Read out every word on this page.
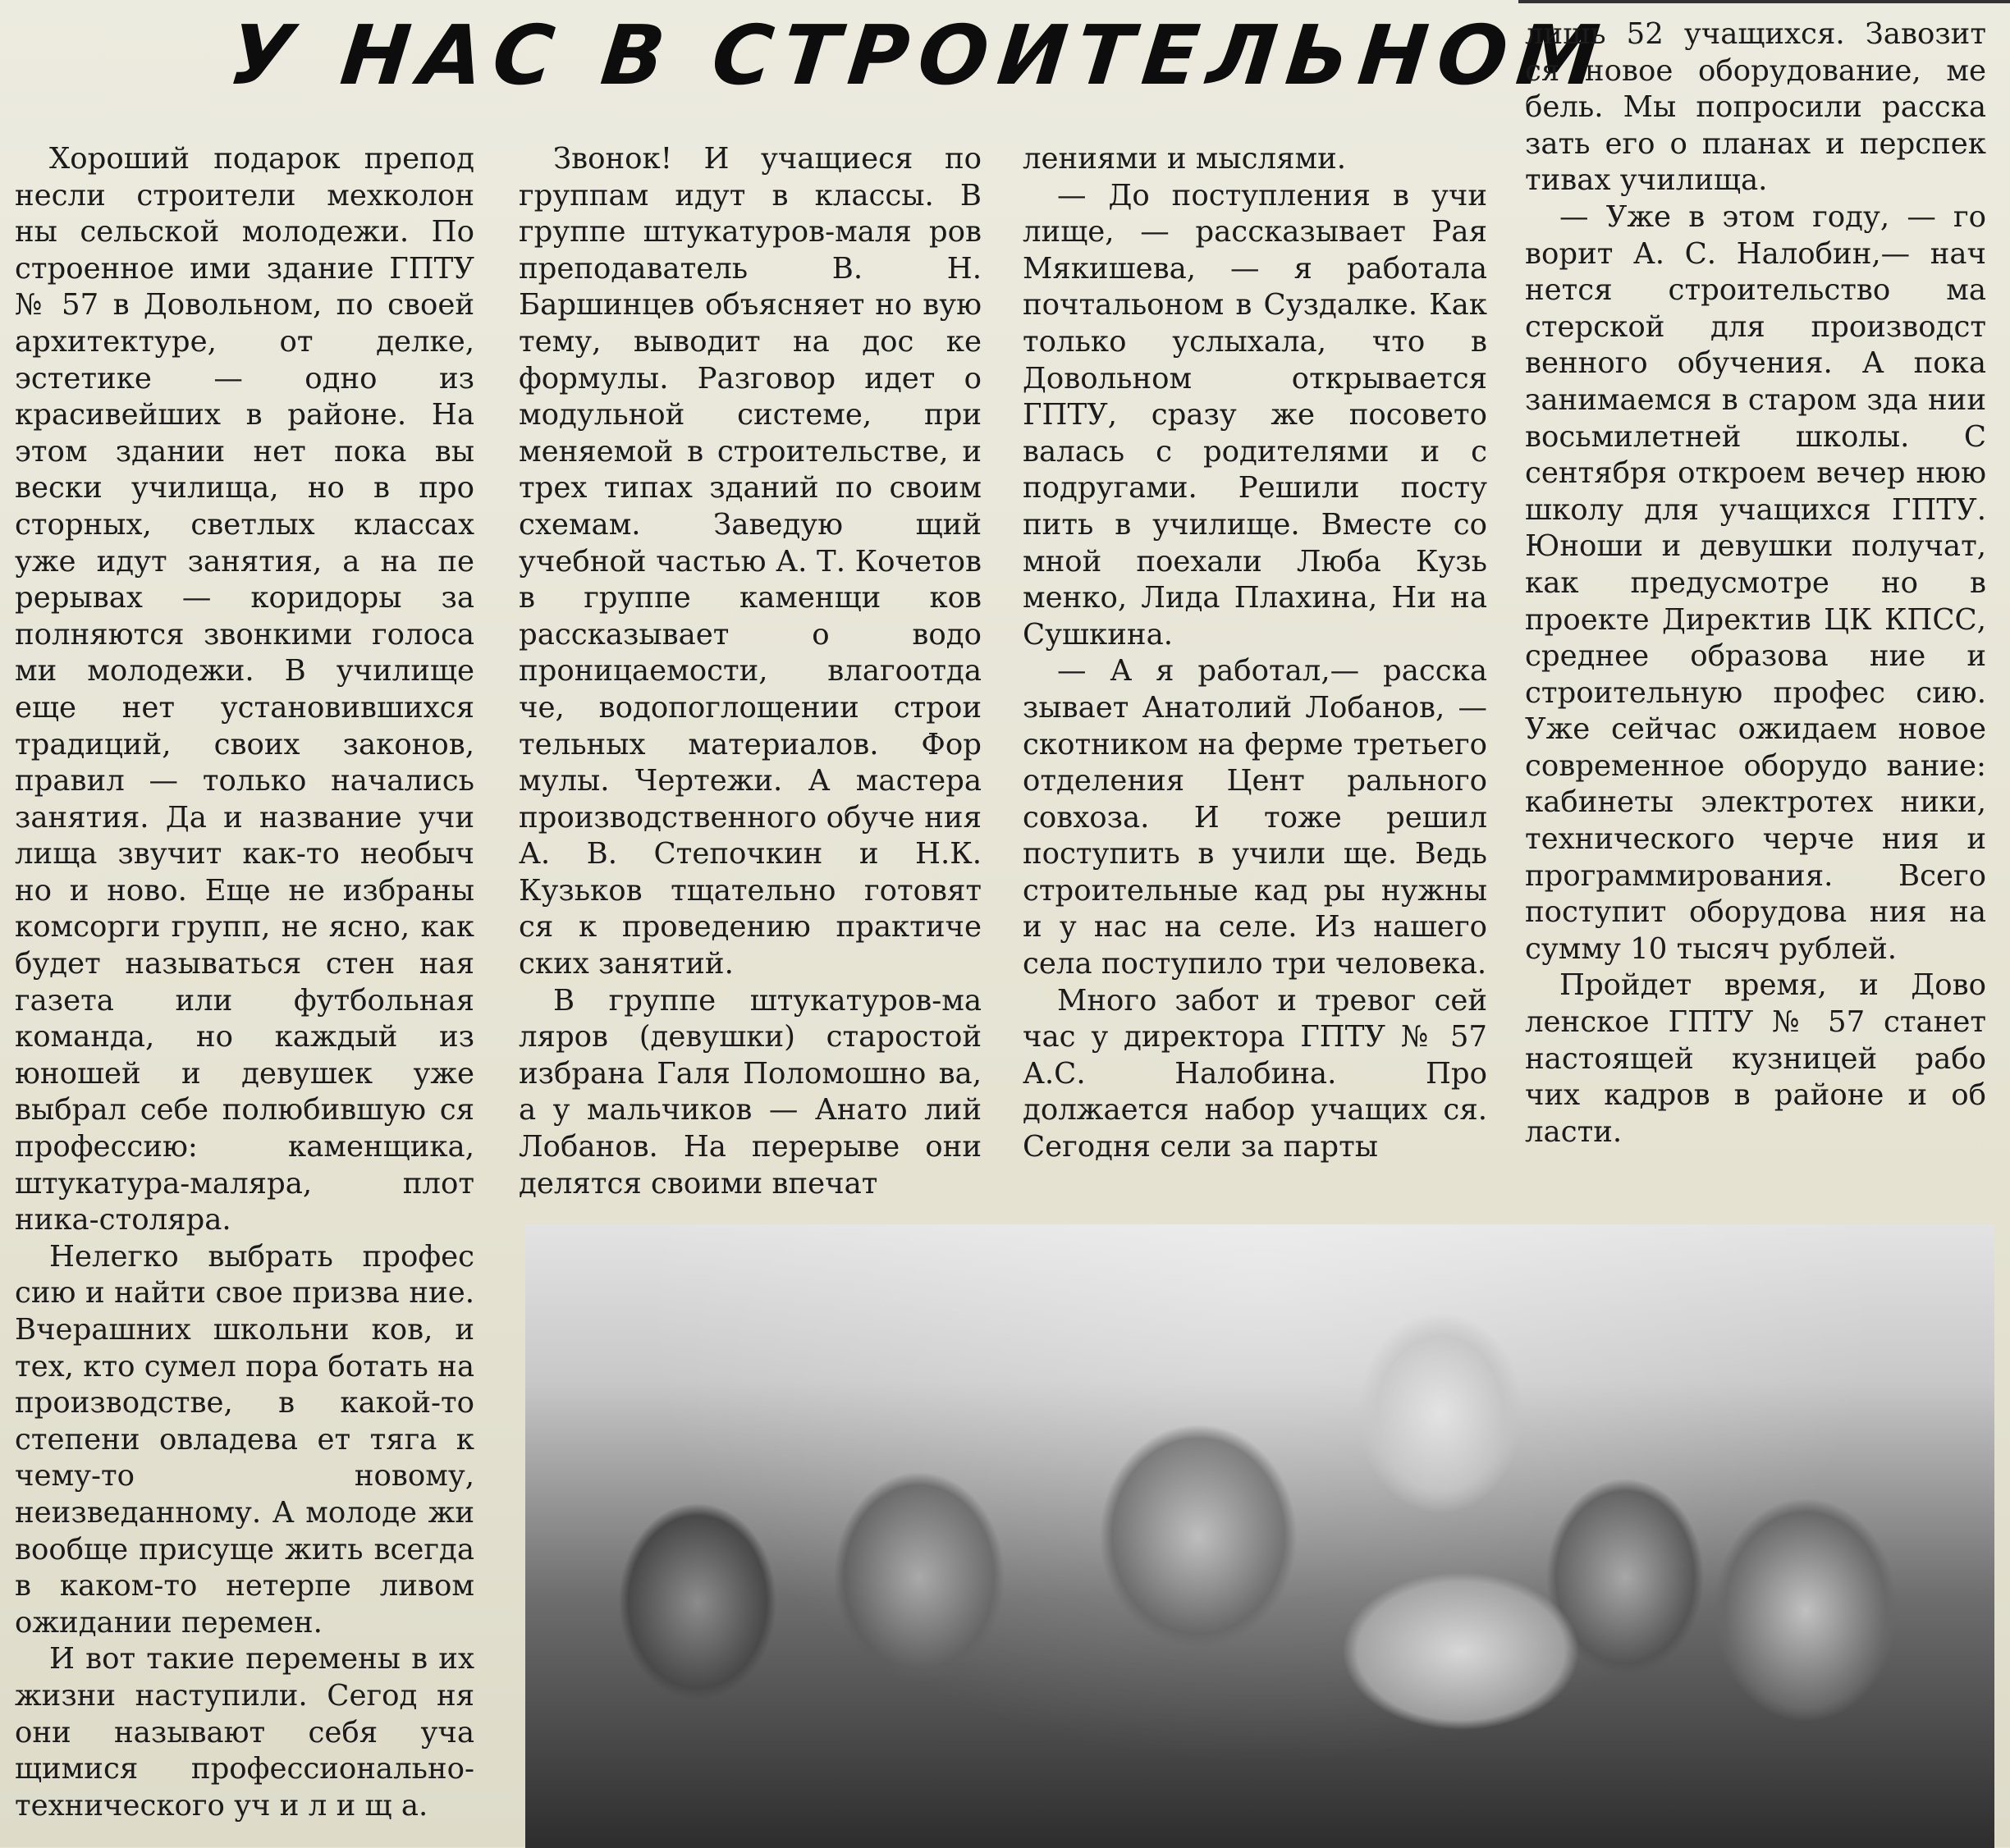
У НАС В СТРОИТЕЛЬНОМ

Хороший подарок препод несли строители мехколон ны сельской молодежи. По строенное ими здание ГПТУ № 57 в Довольном, по своей архитектуре, от делке, эстетике — одно из красивейших в районе. На этом здании нет пока вы вески училища, но в про сторных, светлых классах уже идут занятия, а на пе рерывах — коридоры за полняются звонкими голоса ми молодежи. В училище еще нет установившихся традиций, своих законов, правил — только начались занятия. Да и название учи лища звучит как-то необыч но и ново. Еще не избраны комсорги групп, не ясно, как будет называться стен ная газета или футбольная команда, но каждый из юношей и девушек уже выбрал себе полюбившую ся профессию: каменщика, штукатура-маляра, плот ника-столяра.

Нелегко выбрать профес сию и найти свое призва ние. Вчерашних школьни ков, и тех, кто сумел пора ботать на производстве, в какой-то степени овладева ет тяга к чему-то новому, неизведанному. А молоде жи вообще присуще жить всегда в каком-то нетерпе ливом ожидании перемен.

И вот такие перемены в их жизни наступили. Сегод ня они называют себя уча щимися профессионально-технического уч и л и щ а.

Звонок! И учащиеся по группам идут в классы. В группе штукатуров-маля ров преподаватель В. Н. Баршинцев объясняет но вую тему, выводит на дос ке формулы. Разговор идет о модульной системе, при меняемой в строительстве, и трех типах зданий по своим схемам. Заведую щий учебной частью А. Т. Кочетов в группе каменщи ков рассказывает о водо проницаемости, влагоотда че, водопоглощении строи тельных материалов. Фор мулы. Чертежи. А мастера производственного обуче ния А. В. Степочкин и Н.К. Кузьков тщательно готовят ся к проведению практиче ских занятий.

В группе штукатуров-ма ляров (девушки) старостой избрана Галя Поломошно ва, а у мальчиков — Анато лий Лобанов. На перерыве они делятся своими впечат

лениями и мыслями.

— До поступления в учи лище, — рассказывает Рая Мякишева, — я работала почтальоном в Суздалке. Как только услыхала, что в Довольном открывается ГПТУ, сразу же посовето валась с родителями и с подругами. Решили посту пить в училище. Вместе со мной поехали Люба Кузь менко, Лида Плахина, Ни на Сушкина.

— А я работал,— расска зывает Анатолий Лобанов, — скотником на ферме третьего отделения Цент рального совхоза. И тоже решил поступить в учили ще. Ведь строительные кад ры нужны и у нас на селе. Из нашего села поступило три человека.

Много забот и тревог сей час у директора ГПТУ № 57 А.С. Налобина. Про должается набор учащих ся. Сегодня сели за парты

лишь 52 учащихся. Завозит ся новое оборудование, ме бель. Мы попросили расска зать его о планах и перспек тивах училища.

— Уже в этом году, — го ворит А. С. Налобин,— нач нется строительство ма стерской для производст венного обучения. А пока занимаемся в старом зда нии восьмилетней школы. С сентября откроем вечер нюю школу для учащихся ГПТУ. Юноши и девушки получат, как предусмотре но в проекте Директив ЦК КПСС, среднее образова ние и строительную профес сию. Уже сейчас ожидаем новое современное оборудо вание: кабинеты электротех ники, технического черче ния и программирования. Всего поступит оборудова ния на сумму 10 тысяч рублей.

Пройдет время, и Дово ленское ГПТУ № 57 станет настоящей кузницей рабо чих кадров в районе и об ласти.
